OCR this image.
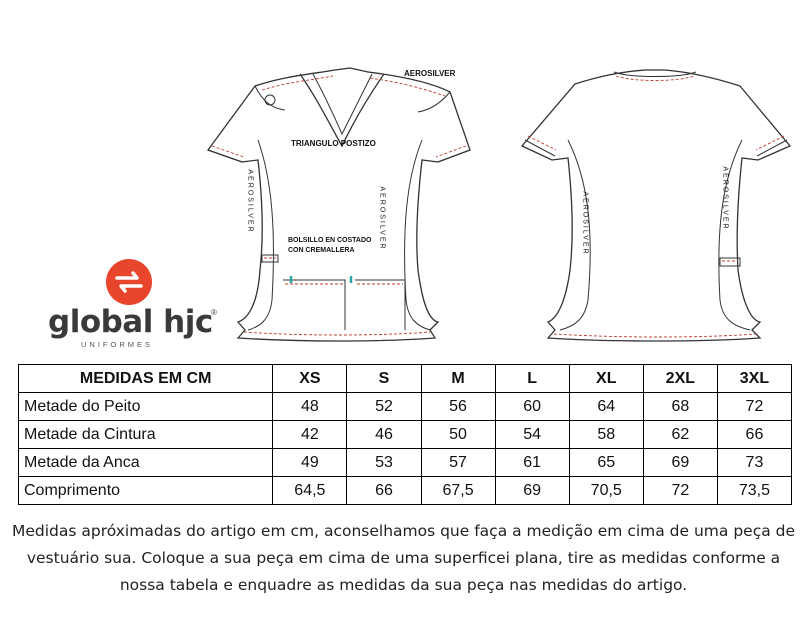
AEROSILVER
TRIANGULO POSTIZO
BOLSILLO EN COSTADO
CON CREMALLERA
AEROSILVER	AEROSILVER	AEROSILVER	AEROSILVER
global hjc
®
UNIFORMES
MEDIDAS EM CM	XS	S	M	L	XL	2XL	3XL
Metade do Peito	48	52	56	60	64	68	72
Metade da Cintura	42	46	50	54	58	62	66
Metade da Anca	49	53	57	61	65	69	73
Comprimento	64,5	66	67,5	69	70,5	72	73,5
Medidas apróximadas do artigo em cm, aconselhamos que faça a medição em cima de uma peça de
vestuário sua. Coloque a sua peça em cima de uma superficei plana, tire as medidas conforme a
nossa tabela e enquadre as medidas da sua peça nas medidas do artigo.
